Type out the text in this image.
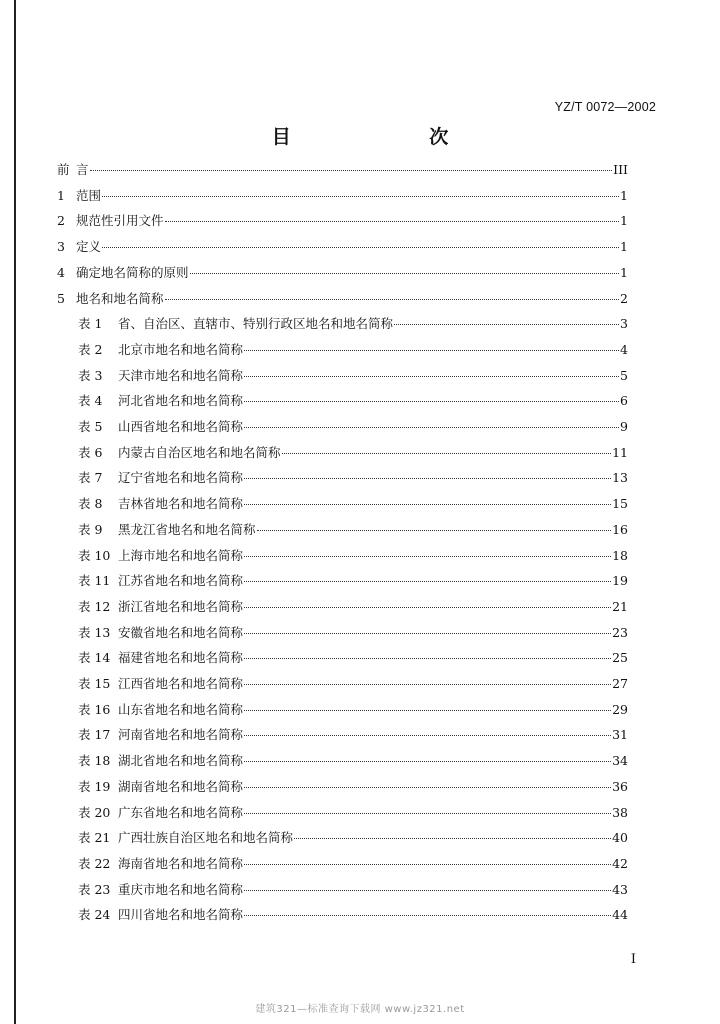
YZ/T 0072—2002
目 次
前 言	III
1 范围	1
2 规范性引用文件	1
3 定义	1
4 确定地名简称的原则	1
5 地名和地名简称	2
表 1	省、自治区、直辖市、特别行政区地名和地名简称	3
表 2	北京市地名和地名简称	4
表 3	天津市地名和地名简称	5
表 4	河北省地名和地名简称	6
表 5	山西省地名和地名简称	9
表 6	内蒙古自治区地名和地名简称	11
表 7	辽宁省地名和地名简称	13
表 8	吉林省地名和地名简称	15
表 9	黑龙江省地名和地名简称	16
表 10 上海市地名和地名简称	18
表 11 江苏省地名和地名简称	19
表 12 浙江省地名和地名简称	21
表 13 安徽省地名和地名简称	23
表 14 福建省地名和地名简称	25
表 15 江西省地名和地名简称	27
表 16 山东省地名和地名简称	29
表 17 河南省地名和地名简称	31
表 18 湖北省地名和地名简称	34
表 19 湖南省地名和地名简称	36
表 20 广东省地名和地名简称	38
表 21 广西壮族自治区地名和地名简称	40
表 22 海南省地名和地名简称	42
表 23 重庆市地名和地名简称	43
表 24 四川省地名和地名简称	44
I
建筑321—标准查询下载网 www.jz321.net
